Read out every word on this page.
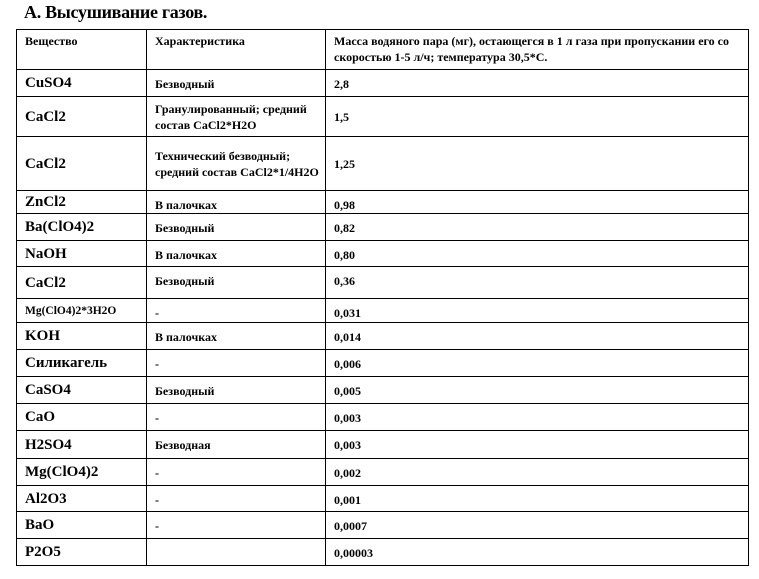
А. Высушивание газов.
Вещество	Характеристика	Масса водяного пара (мг), остающегся в 1 л газа при пропускании его со скоростью 1-5 л/ч; температура 30,5*С.
CuSO4	Безводный	2,8
CaCl2	Гранулированный; средний состав CaCl2*H2O	1,5
CaCl2	Технический безводный; средний состав CaCl2*1/4H2O	1,25
ZnCl2	В палочках	0,98
Ba(ClO4)2	Безводный	0,82
NaOH	В палочках	0,80
CaCl2	Безводный	0,36
Mg(ClO4)2*3H2O	-	0,031
KOH	В палочках	0,014
Силикагель	-	0,006
CaSO4	Безводный	0,005
CaO	-	0,003
H2SO4	Безводная	0,003
Mg(ClO4)2	-	0,002
Al2O3	-	0,001
BaO	-	0,0007
P2O5		0,00003
